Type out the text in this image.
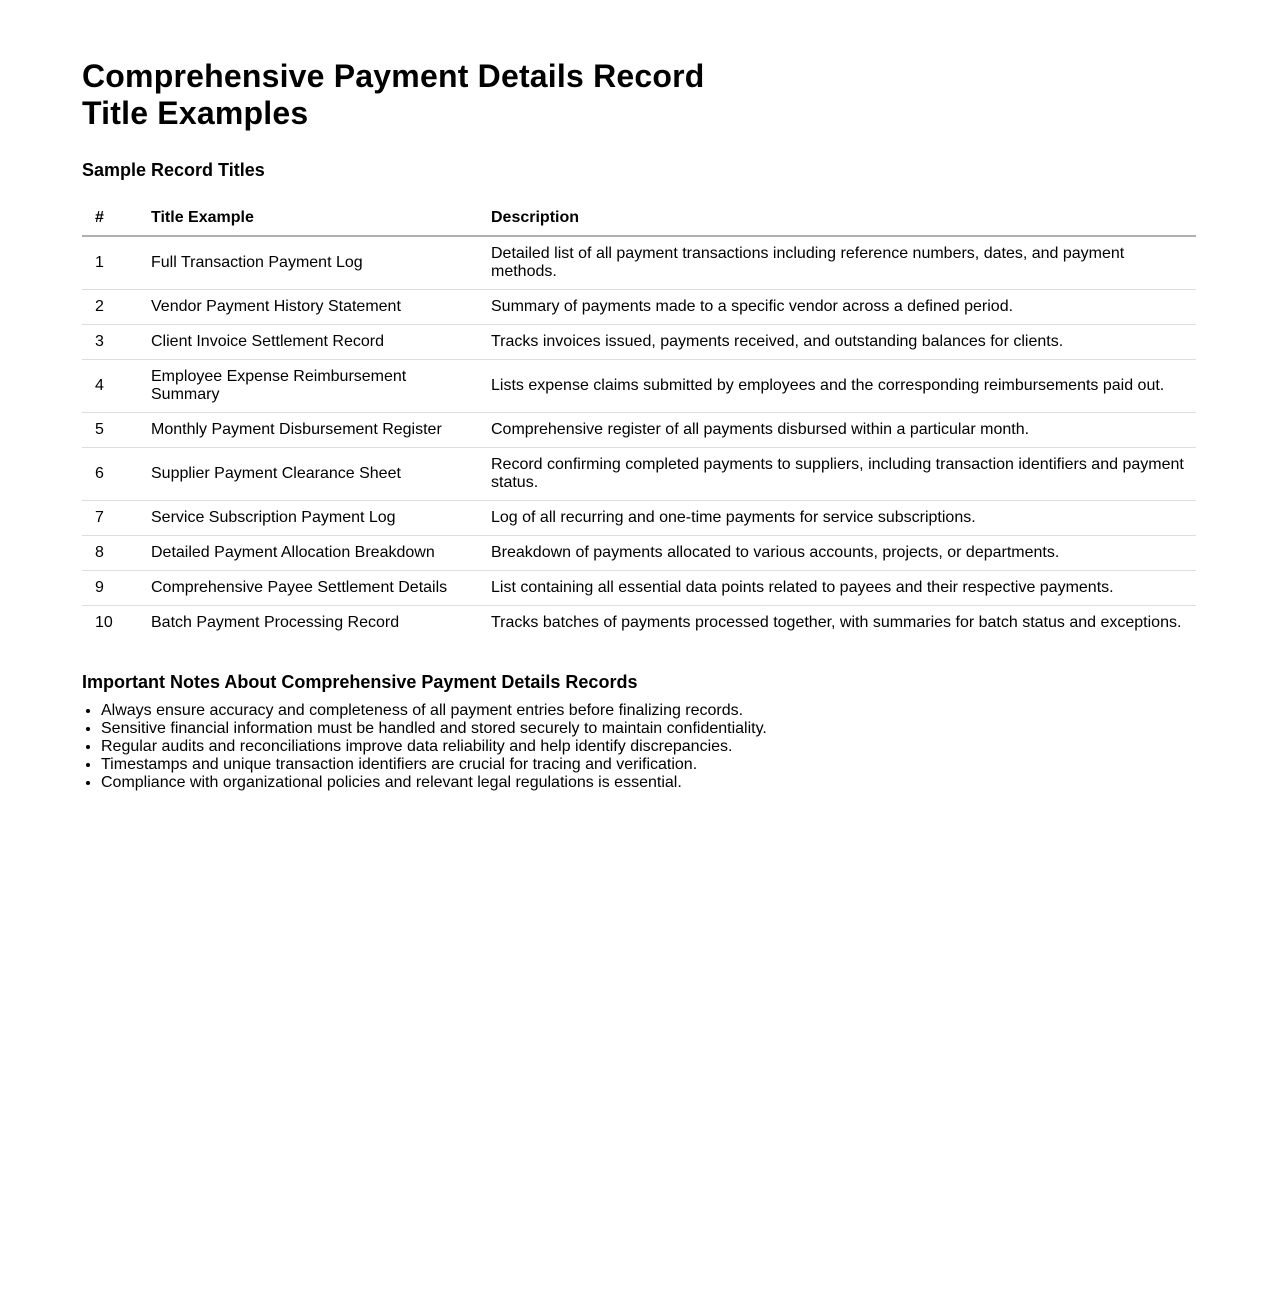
Comprehensive Payment Details Record Title Examples
Sample Record Titles
#	Title Example	Description
1	Full Transaction Payment Log	Detailed list of all payment transactions including reference numbers, dates, and payment methods.
2	Vendor Payment History Statement	Summary of payments made to a specific vendor across a defined period.
3	Client Invoice Settlement Record	Tracks invoices issued, payments received, and outstanding balances for clients.
4	Employee Expense Reimbursement Summary	Lists expense claims submitted by employees and the corresponding reimbursements paid out.
5	Monthly Payment Disbursement Register	Comprehensive register of all payments disbursed within a particular month.
6	Supplier Payment Clearance Sheet	Record confirming completed payments to suppliers, including transaction identifiers and payment status.
7	Service Subscription Payment Log	Log of all recurring and one-time payments for service subscriptions.
8	Detailed Payment Allocation Breakdown	Breakdown of payments allocated to various accounts, projects, or departments.
9	Comprehensive Payee Settlement Details	List containing all essential data points related to payees and their respective payments.
10	Batch Payment Processing Record	Tracks batches of payments processed together, with summaries for batch status and exceptions.
Important Notes About Comprehensive Payment Details Records
• Always ensure accuracy and completeness of all payment entries before finalizing records.
• Sensitive financial information must be handled and stored securely to maintain confidentiality.
• Regular audits and reconciliations improve data reliability and help identify discrepancies.
• Timestamps and unique transaction identifiers are crucial for tracing and verification.
• Compliance with organizational policies and relevant legal regulations is essential.
